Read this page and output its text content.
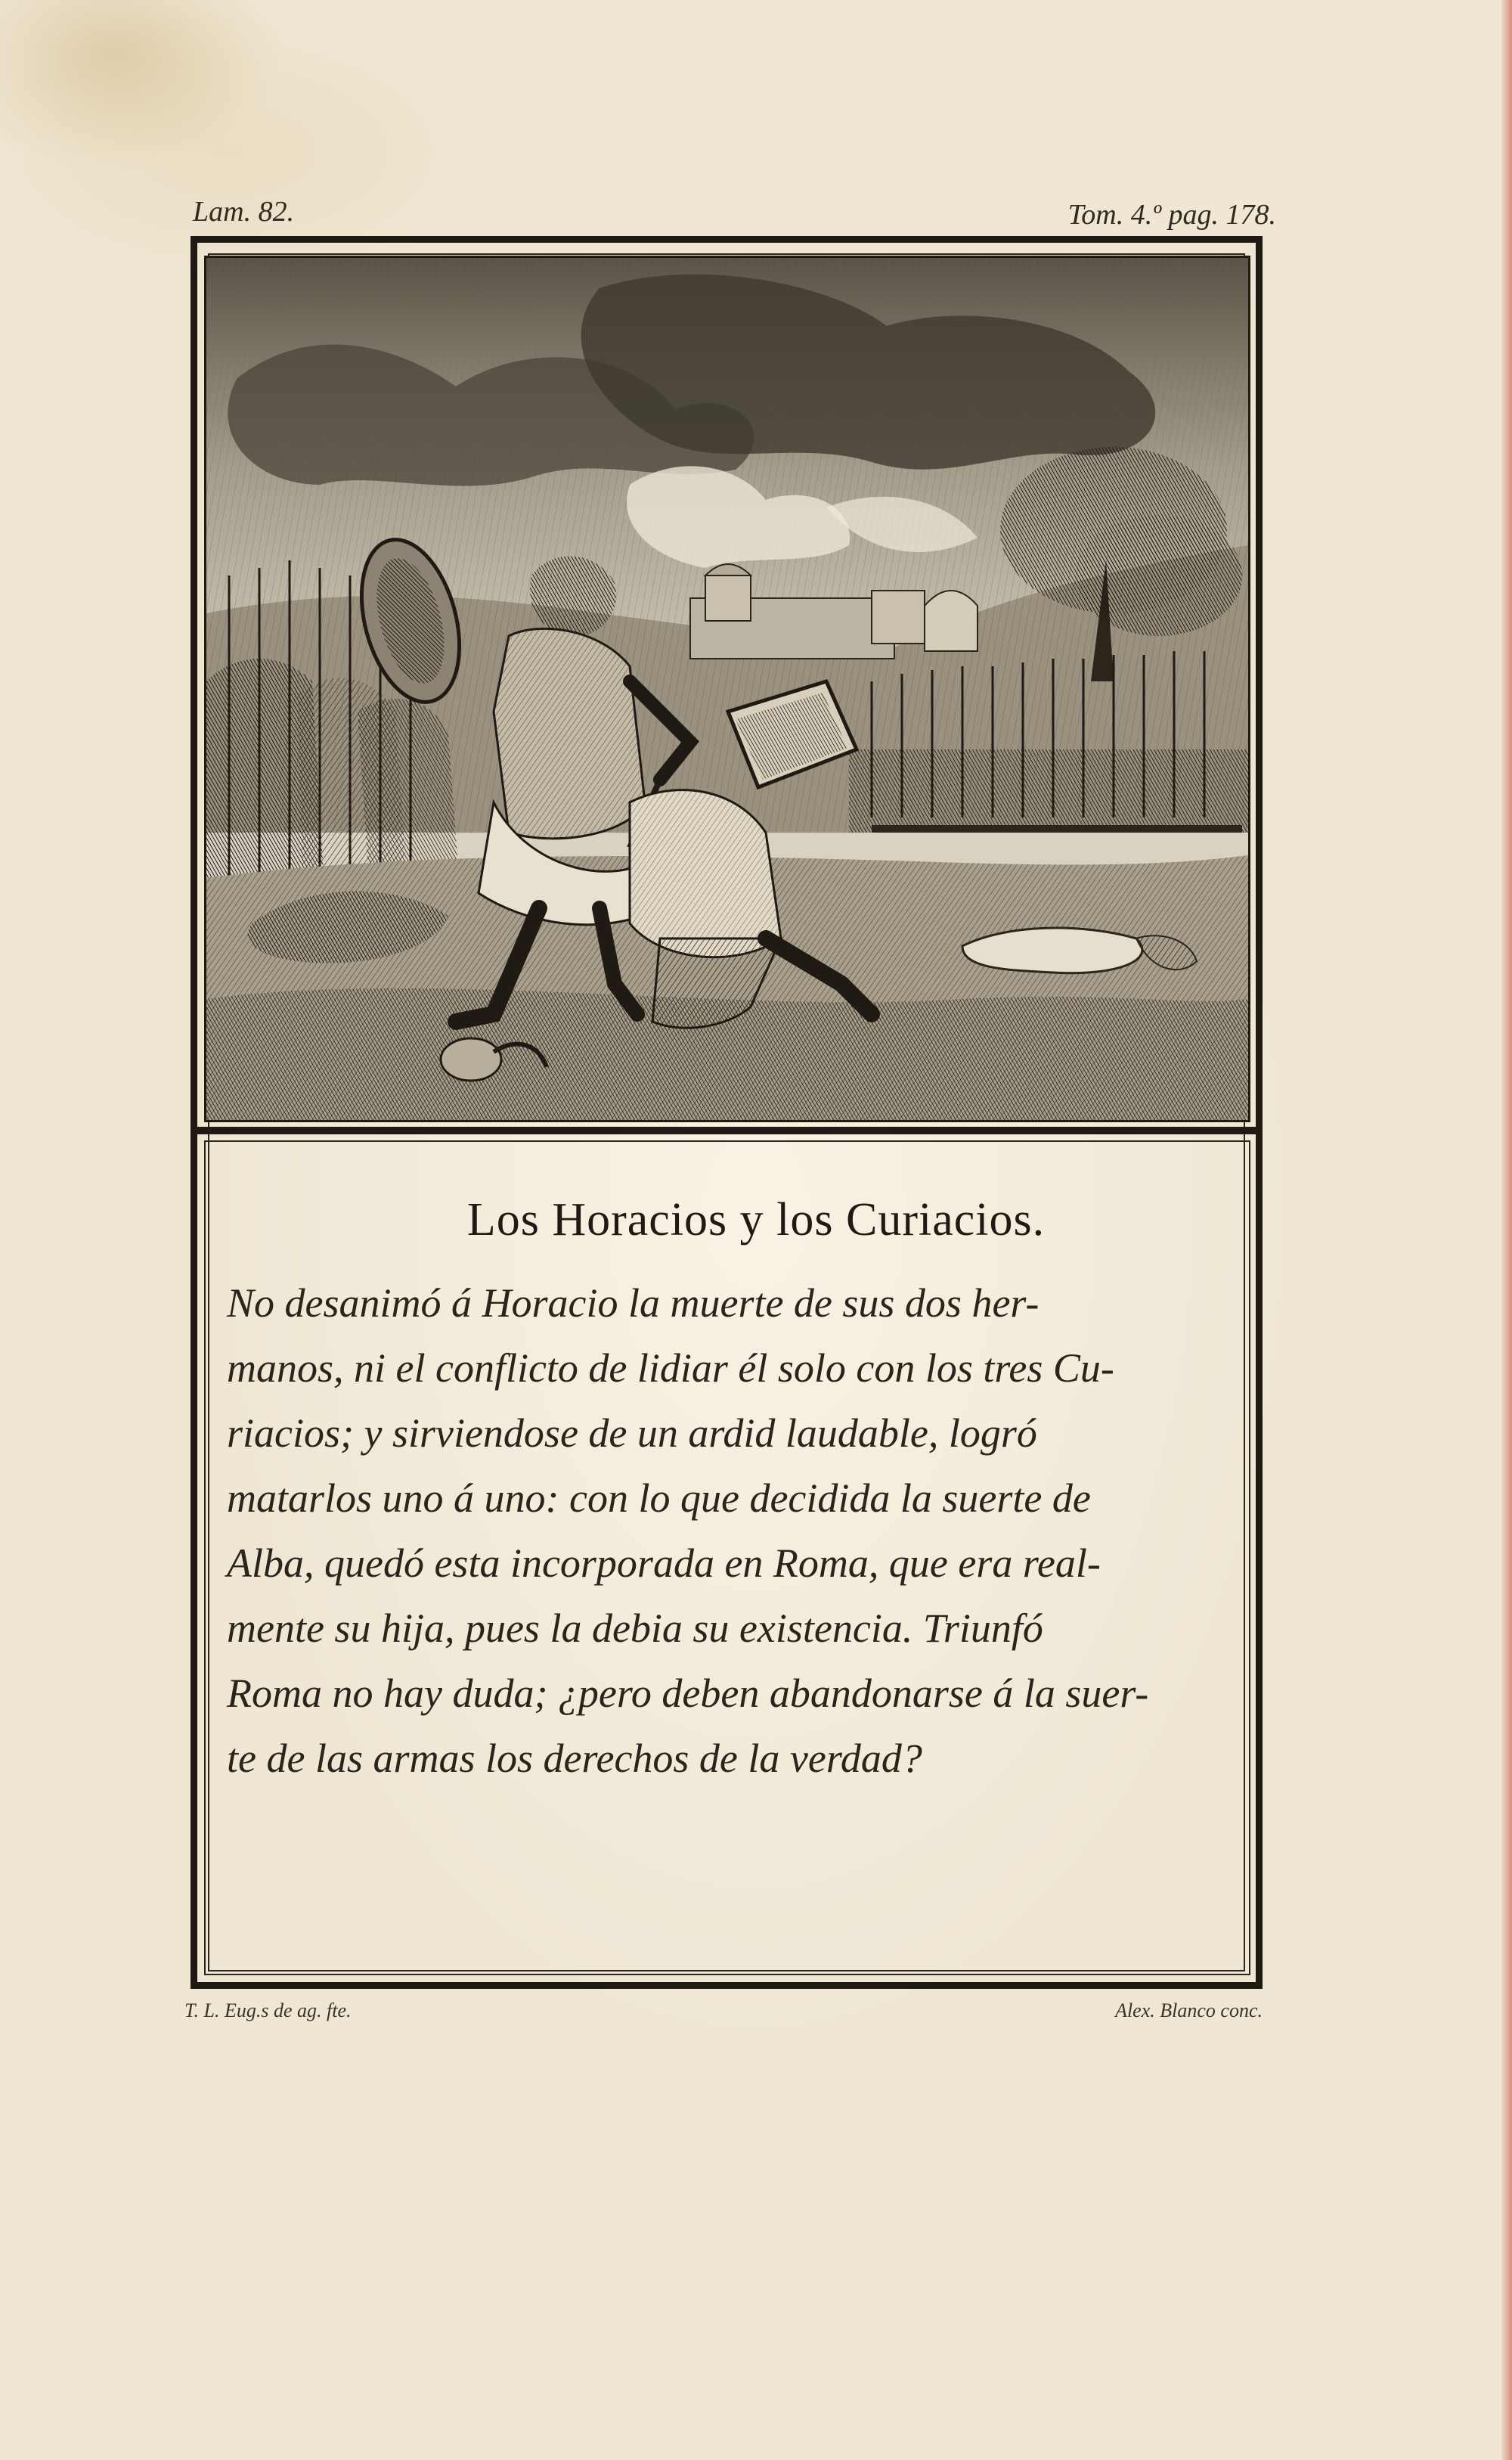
Lam. 82.	Tom. 4.º pag. 178.
Los Horacios y los Curiacios.
No desanimó á Horacio la muerte de sus dos her-
manos, ni el conflicto de lidiar él solo con los tres Cu-
riacios; y sirviendose de un ardid laudable, logró
matarlos uno á uno: con lo que decidida la suerte de
Alba, quedó esta incorporada en Roma, que era real-
mente su hija, pues la debia su existencia. Triunfó
Roma no hay duda; ¿pero deben abandonarse á la suer-
te de las armas los derechos de la verdad?
T. L. Eug.s de ag. fte.	Alex. Blanco conc.
